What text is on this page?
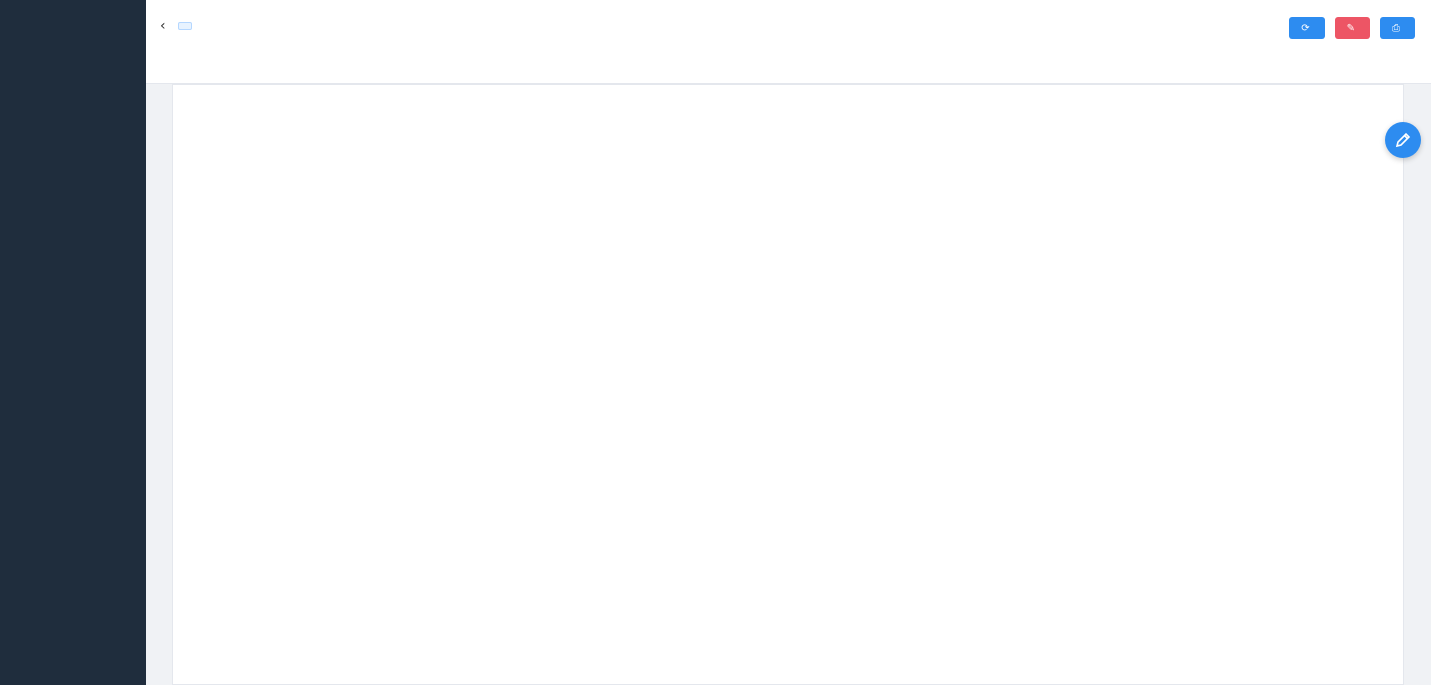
‹	⟳	✎	⎙
